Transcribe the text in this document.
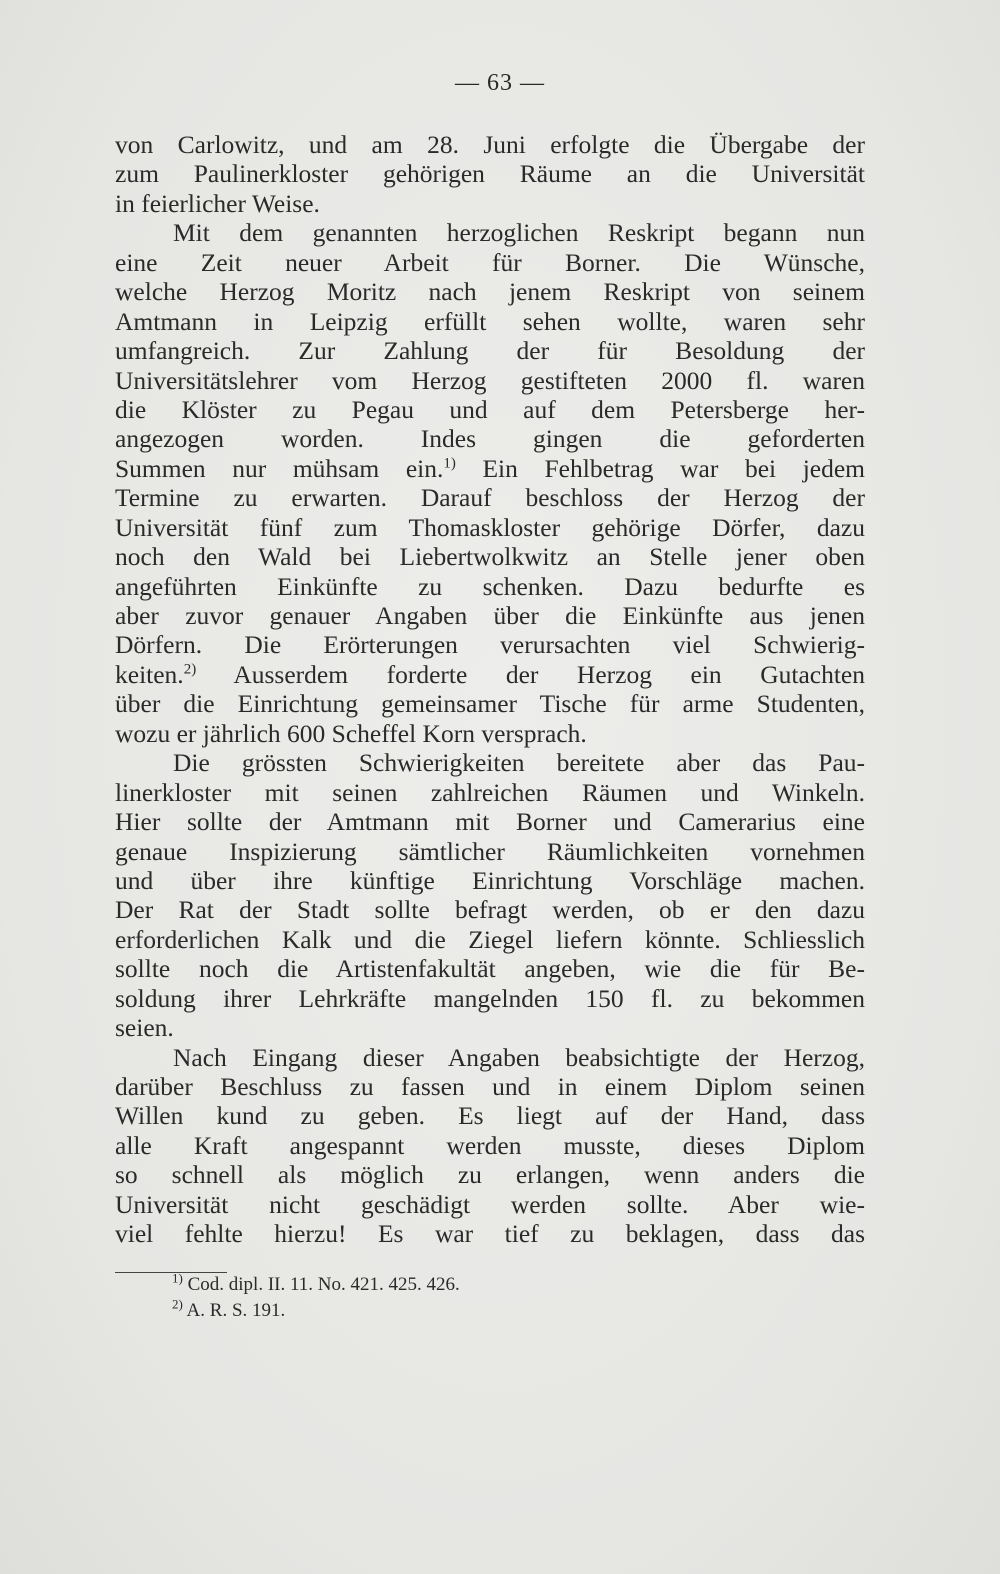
— 63 —
von Carlowitz, und am 28. Juni erfolgte die Übergabe der
zum Paulinerkloster gehörigen Räume an die Universität
in feierlicher Weise.
Mit dem genannten herzoglichen Reskript begann nun
eine Zeit neuer Arbeit für Borner. Die Wünsche,
welche Herzog Moritz nach jenem Reskript von seinem
Amtmann in Leipzig erfüllt sehen wollte, waren sehr
umfangreich. Zur Zahlung der für Besoldung der
Universitätslehrer vom Herzog gestifteten 2000 fl. waren
die Klöster zu Pegau und auf dem Petersberge her-
angezogen worden. Indes gingen die geforderten
Summen nur mühsam ein.$^{1)}$ Ein Fehlbetrag war bei jedem
Termine zu erwarten. Darauf beschloss der Herzog der
Universität fünf zum Thomaskloster gehörige Dörfer, dazu
noch den Wald bei Liebertwolkwitz an Stelle jener oben
angeführten Einkünfte zu schenken. Dazu bedurfte es
aber zuvor genauer Angaben über die Einkünfte aus jenen
Dörfern. Die Erörterungen verursachten viel Schwierig-
keiten.$^{2)}$ Ausserdem forderte der Herzog ein Gutachten
über die Einrichtung gemeinsamer Tische für arme Studenten,
wozu er jährlich 600 Scheffel Korn versprach.
Die grössten Schwierigkeiten bereitete aber das Pau-
linerkloster mit seinen zahlreichen Räumen und Winkeln.
Hier sollte der Amtmann mit Borner und Camerarius eine
genaue Inspizierung sämtlicher Räumlichkeiten vornehmen
und über ihre künftige Einrichtung Vorschläge machen.
Der Rat der Stadt sollte befragt werden, ob er den dazu
erforderlichen Kalk und die Ziegel liefern könnte. Schliesslich
sollte noch die Artistenfakultät angeben, wie die für Be-
soldung ihrer Lehrkräfte mangelnden 150 fl. zu bekommen
seien.
Nach Eingang dieser Angaben beabsichtigte der Herzog,
darüber Beschluss zu fassen und in einem Diplom seinen
Willen kund zu geben. Es liegt auf der Hand, dass
alle Kraft angespannt werden musste, dieses Diplom
so schnell als möglich zu erlangen, wenn anders die
Universität nicht geschädigt werden sollte. Aber wie-
viel fehlte hierzu! Es war tief zu beklagen, dass das
$^{1)}$ Cod. dipl. II. 11. No. 421. 425. 426.
$^{2)}$ A. R. S. 191.
